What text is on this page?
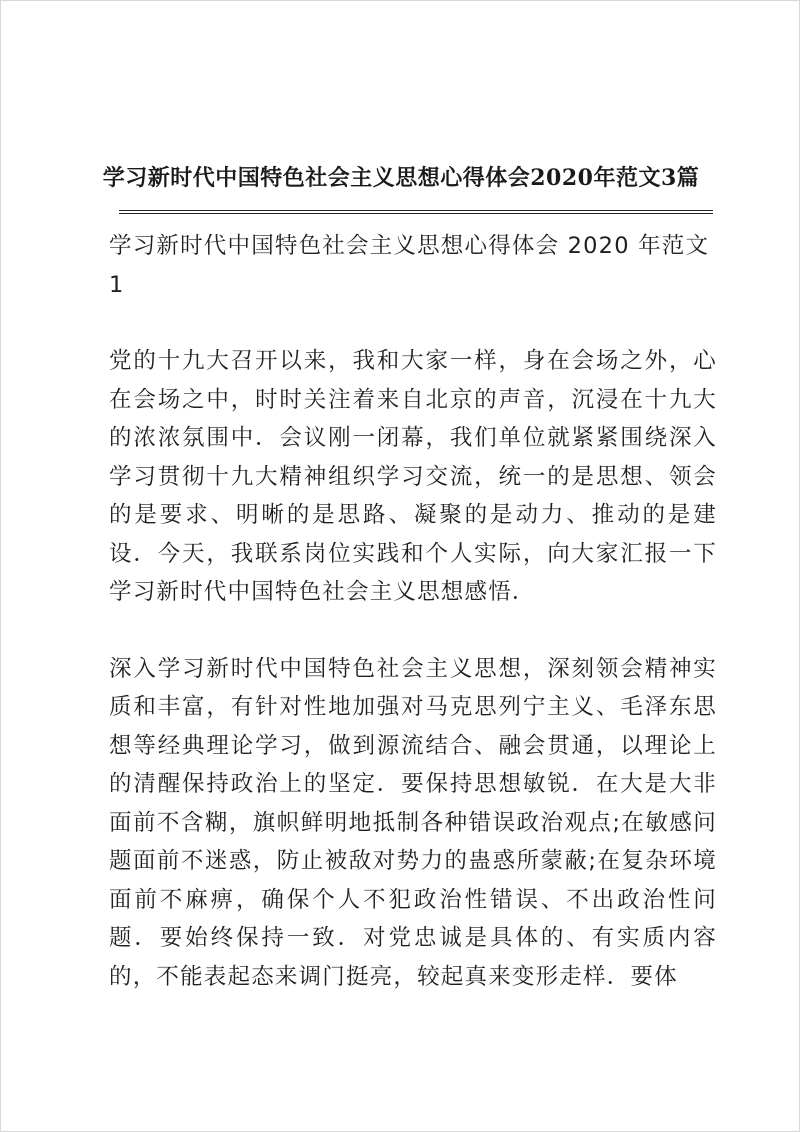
学习新时代中国特色社会主义思想心得体会2020年范文3篇
学习新时代中国特色社会主义思想心得体会 2020 年范文 1

党的十九大召开以来，我和大家一样，身在会场之外，心在会场之中，时时关注着来自北京的声音，沉浸在十九大的浓浓氛围中．会议刚一闭幕，我们单位就紧紧围绕深入学习贯彻十九大精神组织学习交流，统一的是思想、领会的是要求、明晰的是思路、凝聚的是动力、推动的是建设．今天，我联系岗位实践和个人实际，向大家汇报一下学习新时代中国特色社会主义思想感悟．

深入学习新时代中国特色社会主义思想，深刻领会精神实质和丰富，有针对性地加强对马克思列宁主义、毛泽东思想等经典理论学习，做到源流结合、融会贯通，以理论上的清醒保持政治上的坚定．要保持思想敏锐．在大是大非面前不含糊，旗帜鲜明地抵制各种错误政治观点;在敏感问题面前不迷惑，防止被敌对势力的蛊惑所蒙蔽;在复杂环境面前不麻痹，确保个人不犯政治性错误、不出政治性问题．要始终保持一致．对党忠诚是具体的、有实质内容的，不能表起态来调门挺亮，较起真来变形走样．要体
